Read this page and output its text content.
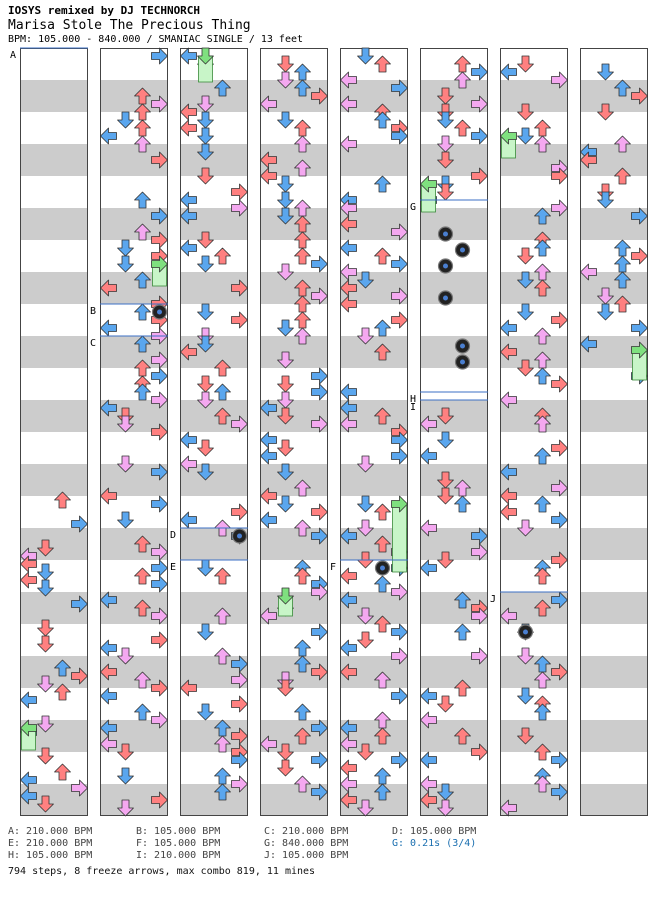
IOSYS remixed by DJ TECHNORCH
Marisa Stole The Precious Thing
BPM: 105.000 - 840.000 / SMANIAC SINGLE / 13 feet
A
B
C
D
E	F
G
H
I
J
A: 210.000 BPM	B: 105.000 BPM	C: 210.000 BPM	D: 105.000 BPM
E: 210.000 BPM	F: 105.000 BPM	G: 840.000 BPM	G: 0.21s (3/4)
H: 105.000 BPM	I: 210.000 BPM	J: 105.000 BPM
794 steps, 8 freeze arrows, max combo 819, 11 mines
